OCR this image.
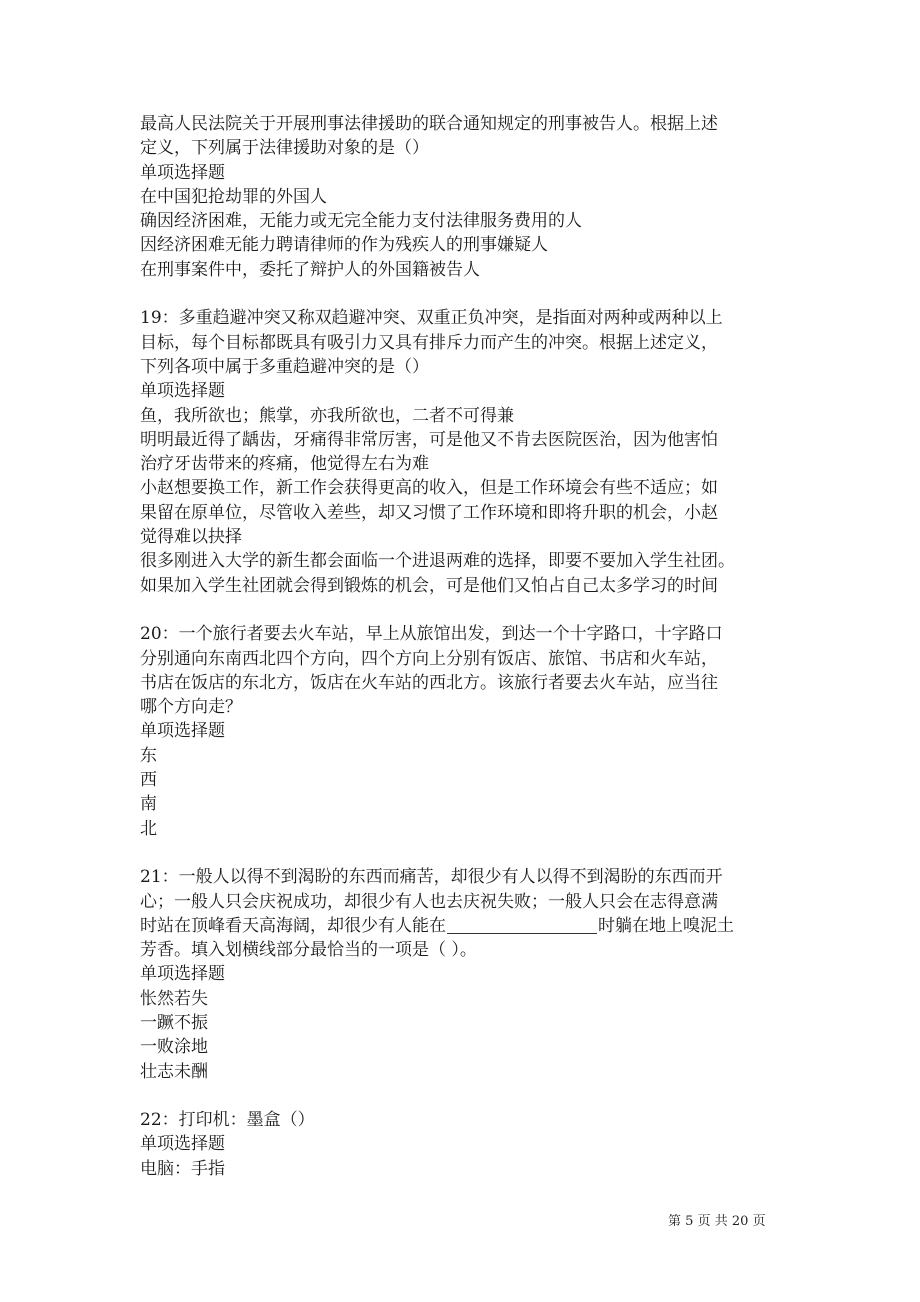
最高人民法院关于开展刑事法律援助的联合通知规定的刑事被告人。根据上述

定义，下列属于法律援助对象的是（）

单项选择题

在中国犯抢劫罪的外国人

确因经济困难，无能力或无完全能力支付法律服务费用的人

因经济困难无能力聘请律师的作为残疾人的刑事嫌疑人

在刑事案件中，委托了辩护人的外国籍被告人

19：多重趋避冲突又称双趋避冲突、双重正负冲突，是指面对两种或两种以上

目标，每个目标都既具有吸引力又具有排斥力而产生的冲突。根据上述定义，

下列各项中属于多重趋避冲突的是（）

单项选择题

鱼，我所欲也；熊掌，亦我所欲也，二者不可得兼

明明最近得了龋齿，牙痛得非常厉害，可是他又不肯去医院医治，因为他害怕

治疗牙齿带来的疼痛，他觉得左右为难

小赵想要换工作，新工作会获得更高的收入，但是工作环境会有些不适应；如

果留在原单位，尽管收入差些，却又习惯了工作环境和即将升职的机会，小赵

觉得难以抉择

很多刚进入大学的新生都会面临一个进退两难的选择，即要不要加入学生社团。

如果加入学生社团就会得到锻炼的机会，可是他们又怕占自己太多学习的时间

20：一个旅行者要去火车站，早上从旅馆出发，到达一个十字路口，十字路口

分别通向东南西北四个方向，四个方向上分别有饭店、旅馆、书店和火车站，

书店在饭店的东北方，饭店在火车站的西北方。该旅行者要去火车站，应当往

哪个方向走？

单项选择题

东

西

南

北

21：一般人以得不到渴盼的东西而痛苦，却很少有人以得不到渴盼的东西而开

心；一般人只会庆祝成功，却很少有人也去庆祝失败；一般人只会在志得意满

时站在顶峰看天高海阔，却很少有人能在	时躺在地上嗅泥土

芳香。填入划横线部分最恰当的一项是（ ）。

单项选择题

怅然若失

一蹶不振

一败涂地

壮志未酬

22：打印机：墨盒（）

单项选择题

电脑：手指

第 5 页 共 20 页
